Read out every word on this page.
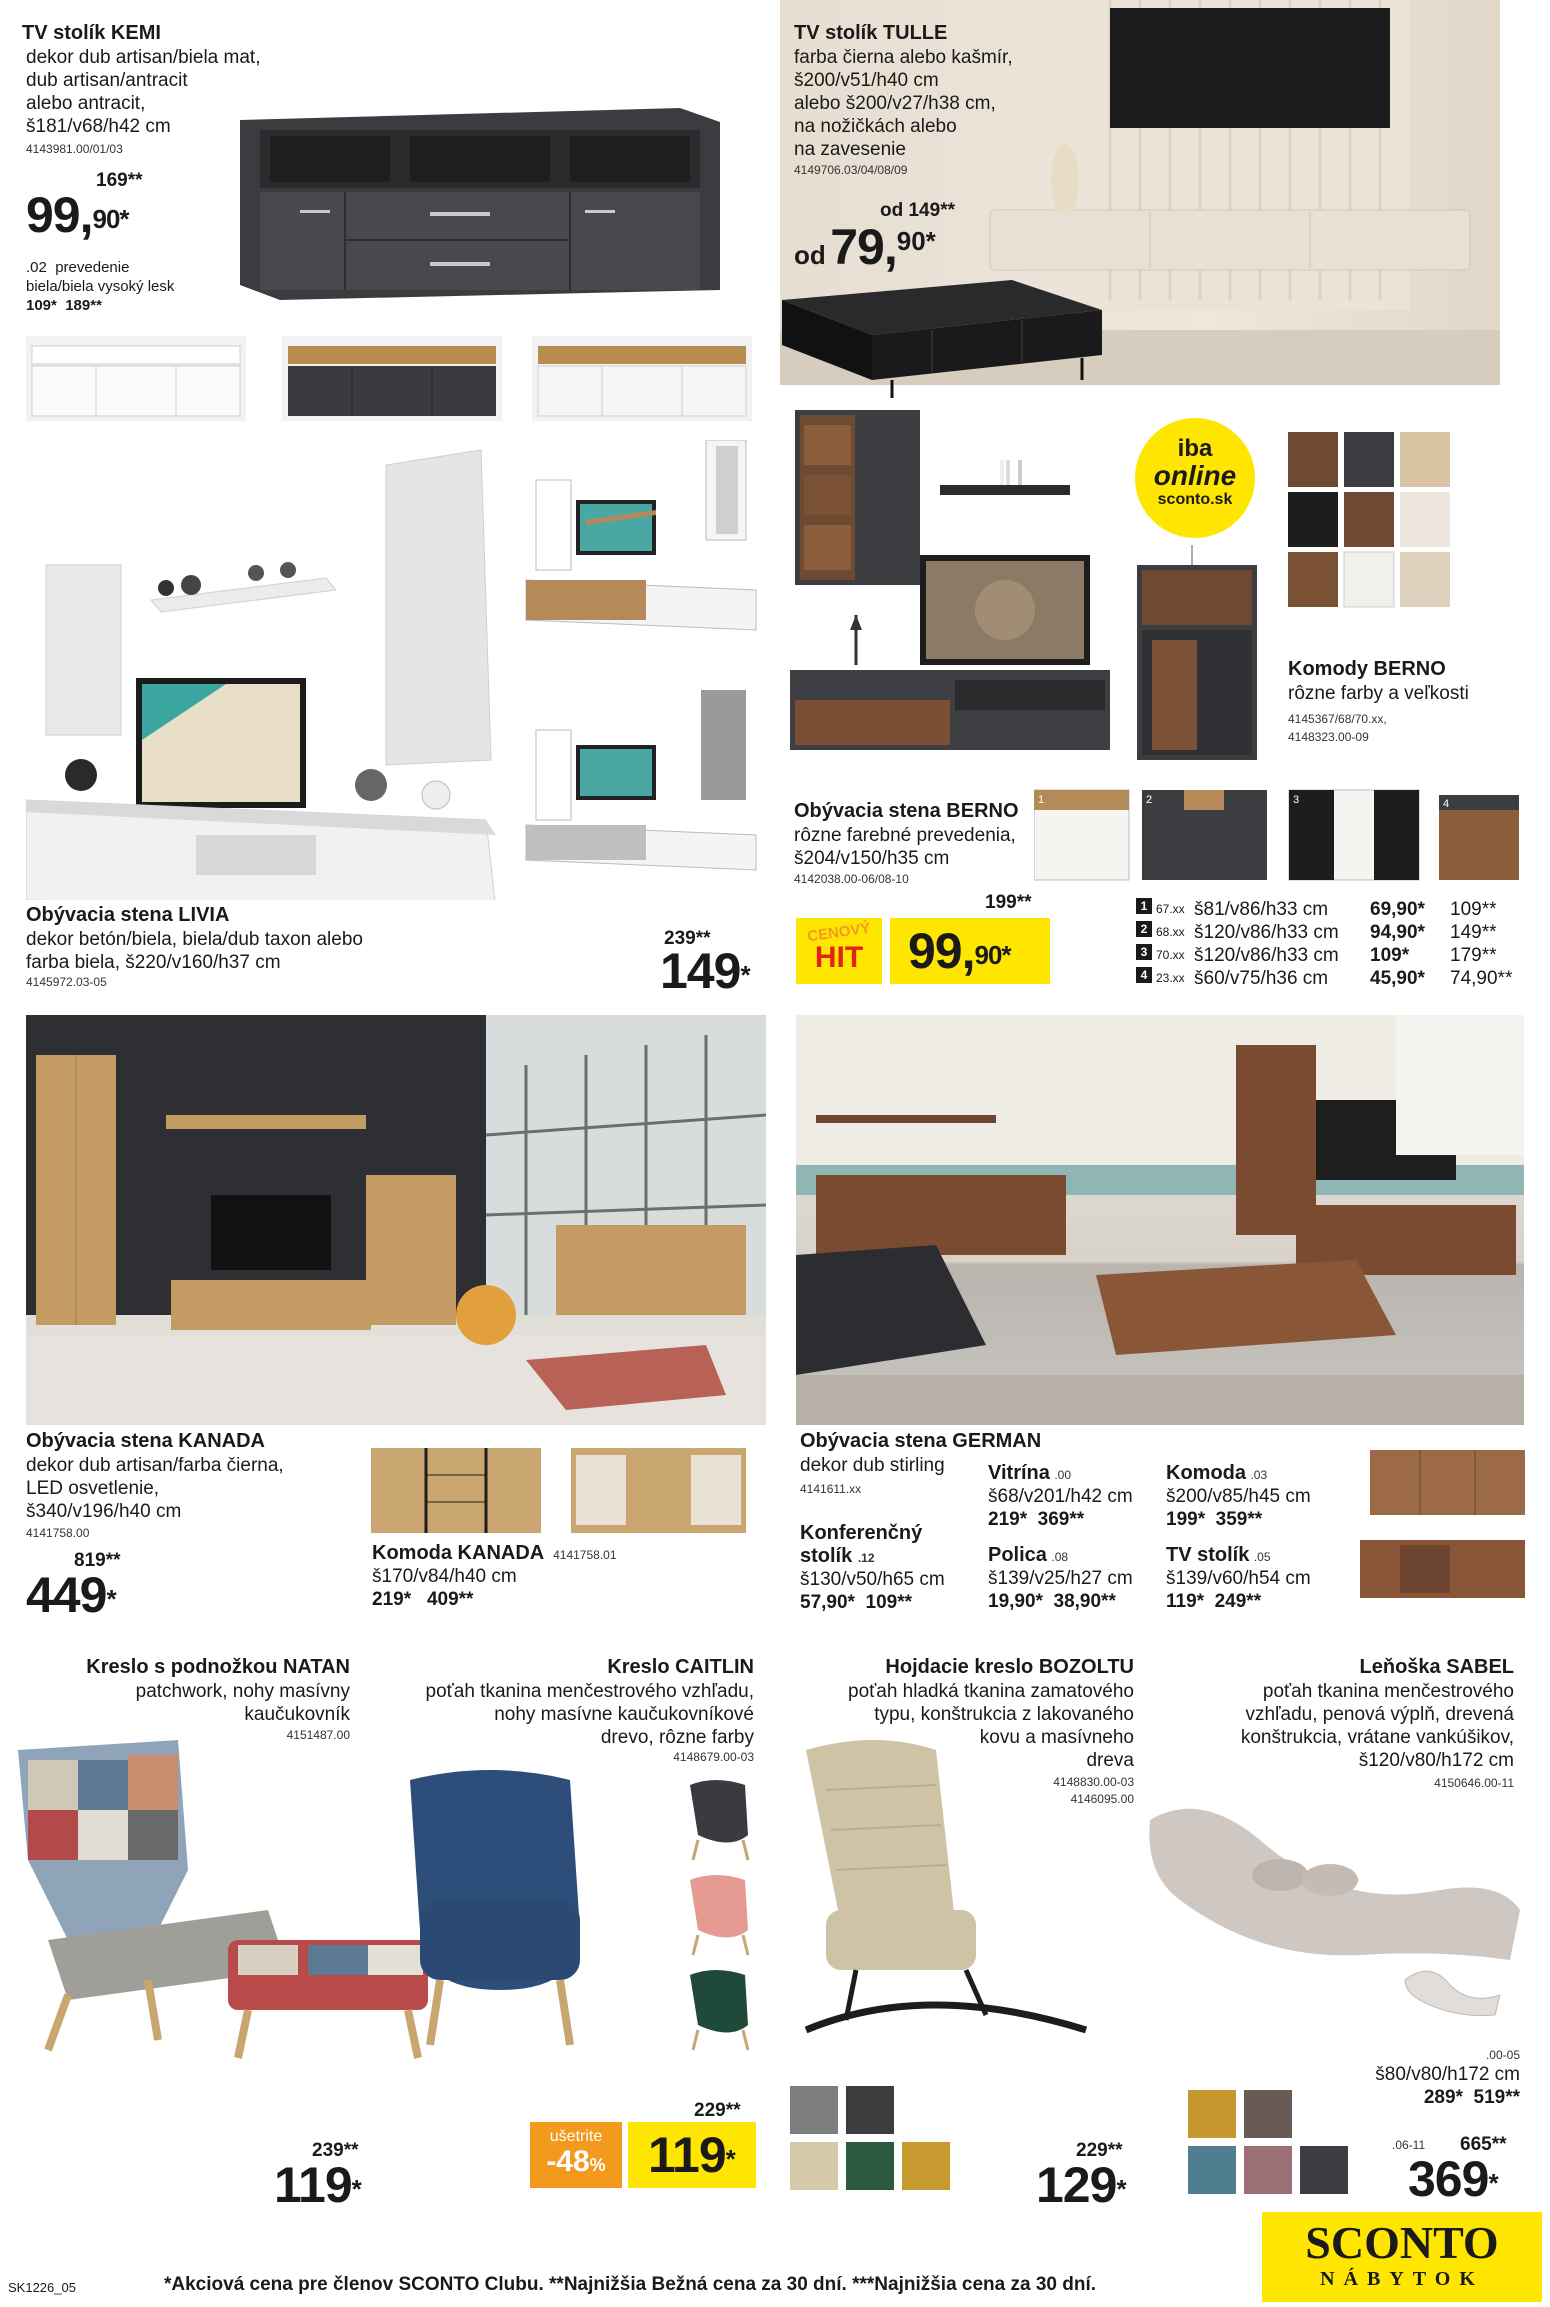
TV stolík KEMI
dekor dub artisan/biela mat,
dub artisan/antracit
alebo antracit,
š181/v68/h42 cm
4143981.00/01/03
169**
99,$^{90*}$
.02 prevedenie
biela/biela vysoký lesk
109* 189**
TV stolík TULLE
farba čierna alebo kašmír,
š200/v51/h40 cm
alebo š200/v27/h38 cm,
na nožičkách alebo
na zavesenie
4149706.03/04/08/09
od 149**
od 79,$^{90*}$
Obývacia stena LIVIA
dekor betón/biela, biela/dub taxon alebo
farba biela, š220/v160/h37 cm
4145972.03-05
239**
149*
iba
online
sconto.sk
Komody BERNO
rôzne farby a veľkosti
4145367/68/70.xx,
4148323.00-09
Obývacia stena BERNO
rôzne farebné prevedenia,
š204/v150/h35 cm
4142038.00-06/08-10
199**
CENOVÝ
HIT 99,$^{90*}$
1	2	3	4
1 67.xx š81/v86/h33 cm	69,90*	109**
2 68.xx š120/v86/h33 cm	94,90*	149**
3 70.xx š120/v86/h33 cm	109*	179**
4 23.xx š60/v75/h36 cm	45,90*	74,90**
Obývacia stena KANADA
dekor dub artisan/farba čierna,
LED osvetlenie,
š340/v196/h40 cm
4141758.00
819**
449*
Komoda KANADA 4141758.01
š170/v84/h40 cm
219* 409**
Obývacia stena GERMAN
dekor dub stirling
4141611.xx
Vitrína .00
š68/v201/h42 cm
219* 369**
Komoda .03
š200/v85/h45 cm
199* 359**
Konferenčný stolík .12
š130/v50/h65 cm
57,90* 109**
Polica .08
š139/v25/h27 cm
19,90* 38,90**
TV stolík .05
š139/v60/h54 cm
119* 249**
Kreslo s podnožkou NATAN
patchwork, nohy masívny
kaučukovník
4151487.00
239**
119*
Kreslo CAITLIN
poťah tkanina menčestrového vzhľadu,
nohy masívne kaučukovníkové
drevo, rôzne farby
4148679.00-03
229**
ušetrite
-48% 119*
Hojdacie kreslo BOZOLTU
poťah hladká tkanina zamatového
typu, konštrukcia z lakovaného
kovu a masívneho
dreva
4148830.00-03
4146095.00
229**
129*
Leňoška SABEL
poťah tkanina menčestrového
vzhľadu, penová výplň, drevená
konštrukcia, vrátane vankúšikov,
š120/v80/h172 cm
4150646.00-11
.00-05
š80/v80/h172 cm
289* 519**
.06-11 665**
369*
SK1226_05	*Akciová cena pre členov SCONTO Clubu. **Najnižšia Bežná cena za 30 dní. ***Najnižšia cena za 30 dní.
SCONTO
NÁBYTOK
